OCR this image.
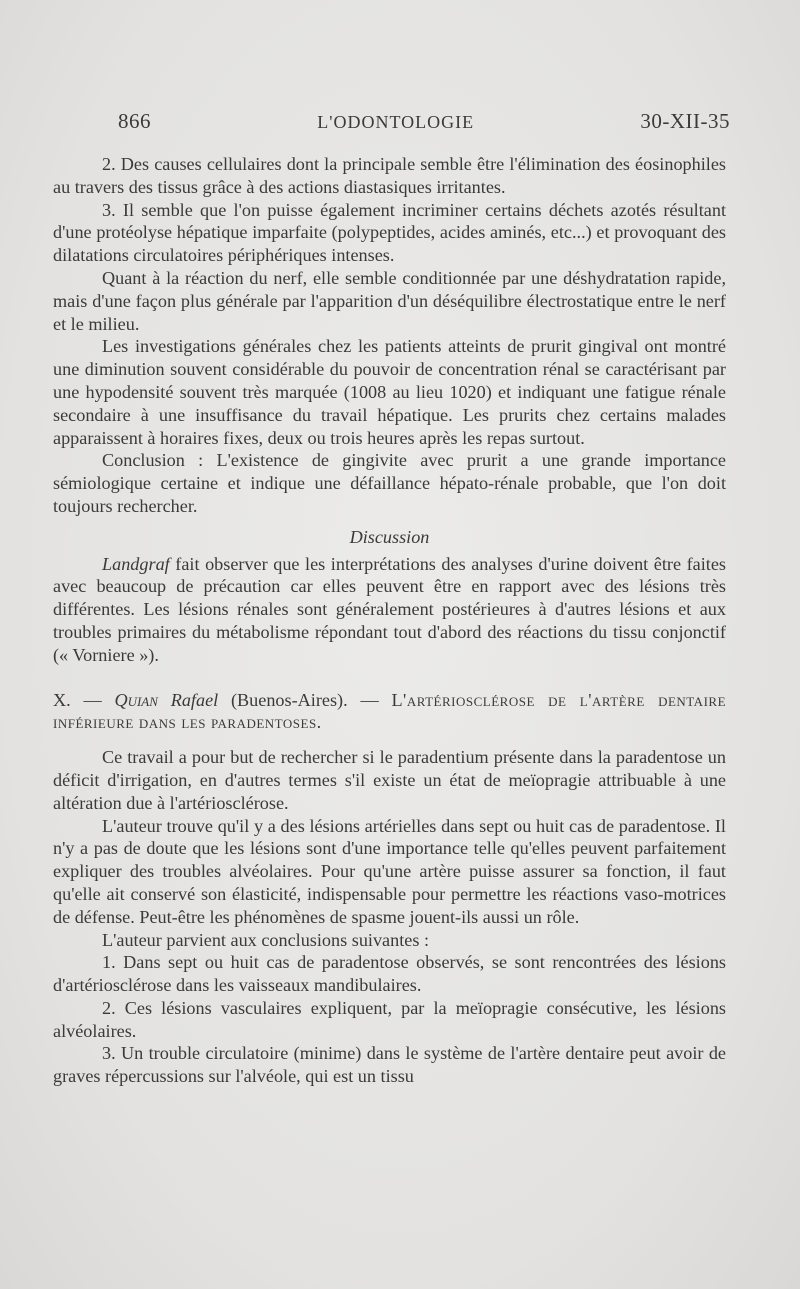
866	L'ODONTOLOGIE	30-XII-35

2. Des causes cellulaires dont la principale semble être l'élimination des éosinophiles au travers des tissus grâce à des actions diastasiques irritantes.

3. Il semble que l'on puisse également incriminer certains déchets azotés résultant d'une protéolyse hépatique imparfaite (polypeptides, acides aminés, etc...) et provoquant des dilatations circulatoires périphériques intenses.

Quant à la réaction du nerf, elle semble conditionnée par une déshydratation rapide, mais d'une façon plus générale par l'apparition d'un déséquilibre électrostatique entre le nerf et le milieu.

Les investigations générales chez les patients atteints de prurit gingival ont montré une diminution souvent considérable du pouvoir de concentration rénal se caractérisant par une hypodensité souvent très marquée (1008 au lieu 1020) et indiquant une fatigue rénale secondaire à une insuffisance du travail hépatique. Les prurits chez certains malades apparaissent à horaires fixes, deux ou trois heures après les repas surtout.

Conclusion : L'existence de gingivite avec prurit a une grande importance sémiologique certaine et indique une défaillance hépato-rénale probable, que l'on doit toujours rechercher.

Discussion

Landgraf fait observer que les interprétations des analyses d'urine doivent être faites avec beaucoup de précaution car elles peuvent être en rapport avec des lésions très différentes. Les lésions rénales sont généralement postérieures à d'autres lésions et aux troubles primaires du métabolisme répondant tout d'abord des réactions du tissu conjonctif (« Vorniere »).

X. — Quian Rafael (Buenos-Aires). — L'artériosclérose de l'artère dentaire inférieure dans les paradentoses.

Ce travail a pour but de rechercher si le paradentium présente dans la paradentose un déficit d'irrigation, en d'autres termes s'il existe un état de meïopragie attribuable à une altération due à l'artériosclérose.

L'auteur trouve qu'il y a des lésions artérielles dans sept ou huit cas de paradentose. Il n'y a pas de doute que les lésions sont d'une importance telle qu'elles peuvent parfaitement expliquer des troubles alvéolaires. Pour qu'une artère puisse assurer sa fonction, il faut qu'elle ait conservé son élasticité, indispensable pour permettre les réactions vaso-motrices de défense. Peut-être les phénomènes de spasme jouent-ils aussi un rôle.

L'auteur parvient aux conclusions suivantes :

1. Dans sept ou huit cas de paradentose observés, se sont rencontrées des lésions d'artériosclérose dans les vaisseaux mandibulaires.

2. Ces lésions vasculaires expliquent, par la meïopragie consécutive, les lésions alvéolaires.

3. Un trouble circulatoire (minime) dans le système de l'artère dentaire peut avoir de graves répercussions sur l'alvéole, qui est un tissu
